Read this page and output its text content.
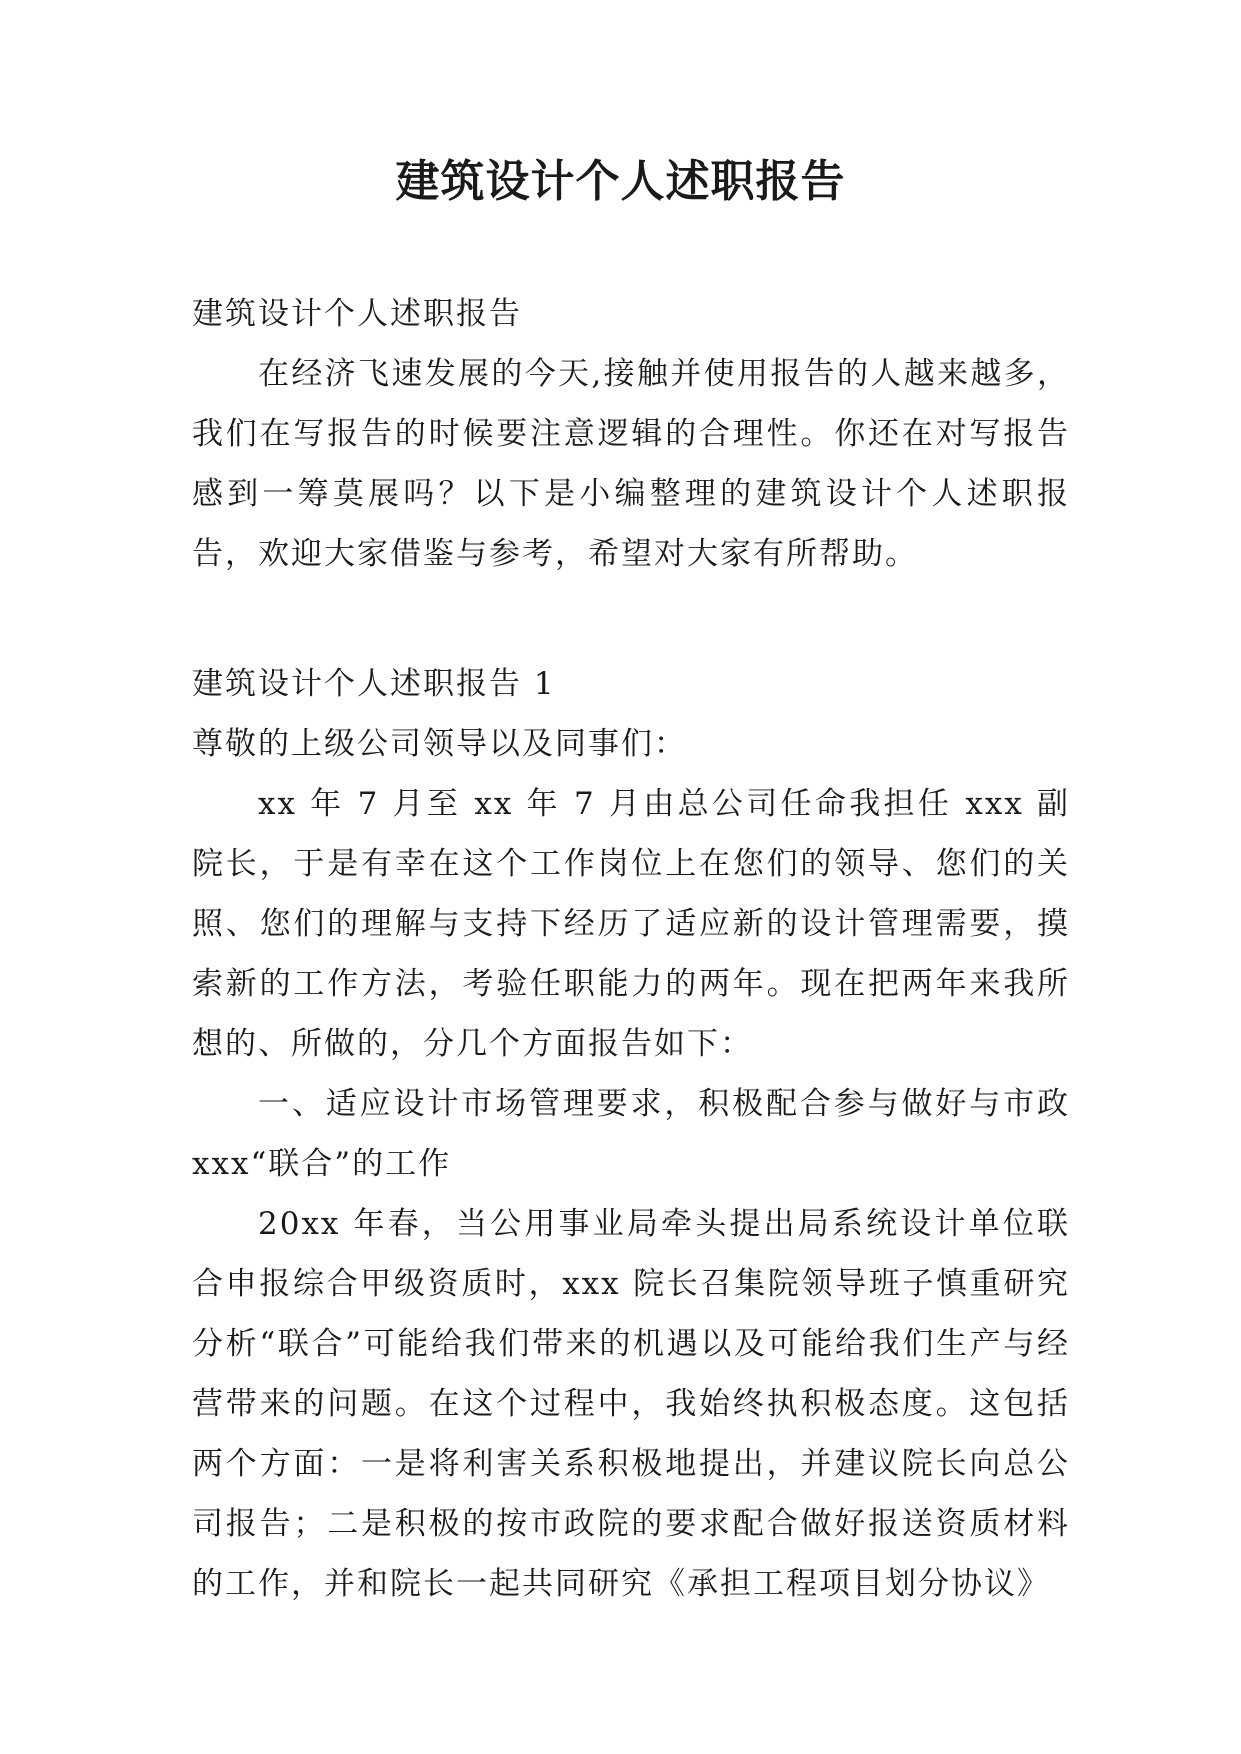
建筑设计个人述职报告

建筑设计个人述职报告

在经济飞速发展的今天,接触并使用报告的人越来越多，我们在写报告的时候要注意逻辑的合理性。你还在对写报告感到一筹莫展吗？以下是小编整理的建筑设计个人述职报告，欢迎大家借鉴与参考，希望对大家有所帮助。

建筑设计个人述职报告 1

尊敬的上级公司领导以及同事们：

xx 年 7 月至 xx 年 7 月由总公司任命我担任 xxx 副院长，于是有幸在这个工作岗位上在您们的领导、您们的关照、您们的理解与支持下经历了适应新的设计管理需要，摸索新的工作方法，考验任职能力的两年。现在把两年来我所想的、所做的，分几个方面报告如下：

一、适应设计市场管理要求，积极配合参与做好与市政 xxx“联合”的工作

20xx 年春，当公用事业局牵头提出局系统设计单位联合申报综合甲级资质时，xxx 院长召集院领导班子慎重研究分析“联合”可能给我们带来的机遇以及可能给我们生产与经营带来的问题。在这个过程中，我始终执积极态度。这包括两个方面：一是将利害关系积极地提出，并建议院长向总公司报告；二是积极的按市政院的要求配合做好报送资质材料的工作，并和院长一起共同研究《承担工程项目划分协议》
